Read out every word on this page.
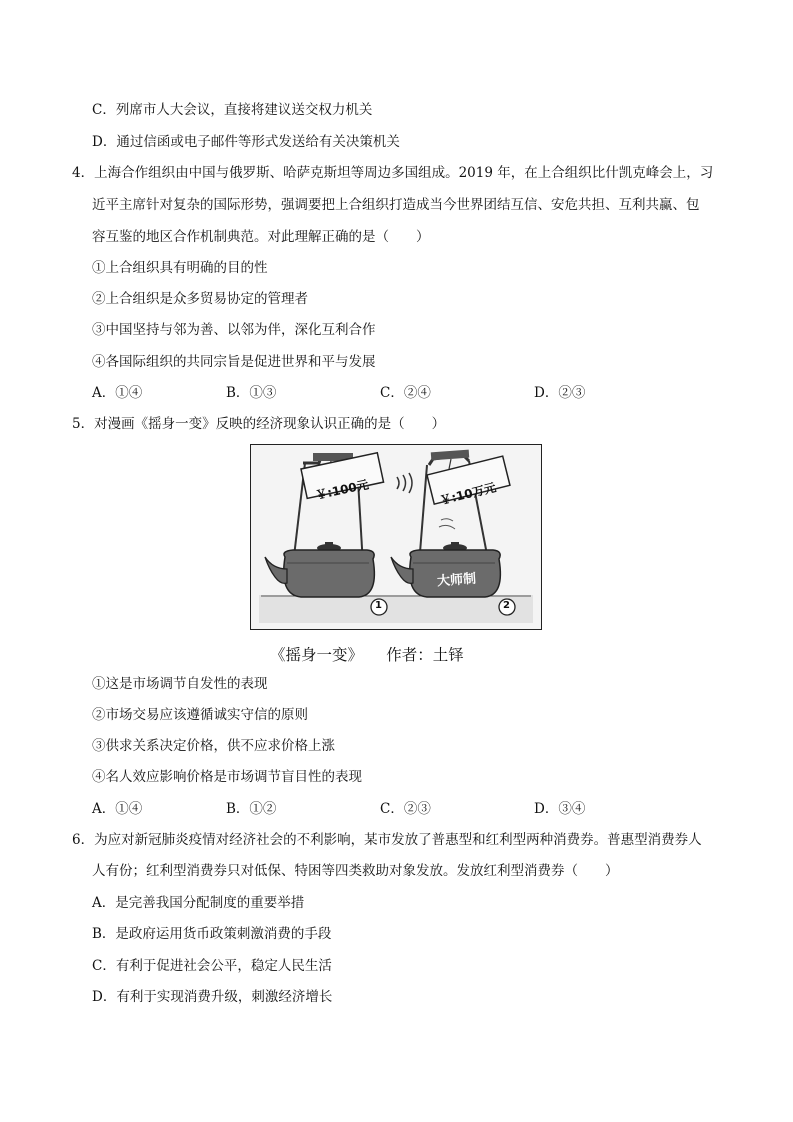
C．列席市人大会议，直接将建议送交权力机关
D．通过信函或电子邮件等形式发送给有关决策机关
4．上海合作组织由中国与俄罗斯、哈萨克斯坦等周边多国组成。2019 年，在上合组织比什凯克峰会上，习
近平主席针对复杂的国际形势，强调要把上合组织打造成当今世界团结互信、安危共担、互利共赢、包
容互鉴的地区合作机制典范。对此理解正确的是（　　）
①上合组织具有明确的目的性
②上合组织是众多贸易协定的管理者
③中国坚持与邻为善、以邻为伴，深化互利合作
④各国际组织的共同宗旨是促进世界和平与发展
A．①④	B．①③	C．②④	D．②③
5．对漫画《摇身一变》反映的经济现象认识正确的是（　　）
￥:100元	￥:10万元
大师制
1	2
《摇身一变》　　 作者：土铎
①这是市场调节自发性的表现
②市场交易应该遵循诚实守信的原则
③供求关系决定价格，供不应求价格上涨
④名人效应影响价格是市场调节盲目性的表现
A．①④	B．①②	C．②③	D．③④
6．为应对新冠肺炎疫情对经济社会的不利影响，某市发放了普惠型和红利型两种消费券。普惠型消费券人
人有份；红利型消费券只对低保、特困等四类救助对象发放。发放红利型消费券（　　）
A．是完善我国分配制度的重要举措
B．是政府运用货币政策刺激消费的手段
C．有利于促进社会公平，稳定人民生活
D．有利于实现消费升级，刺激经济增长
